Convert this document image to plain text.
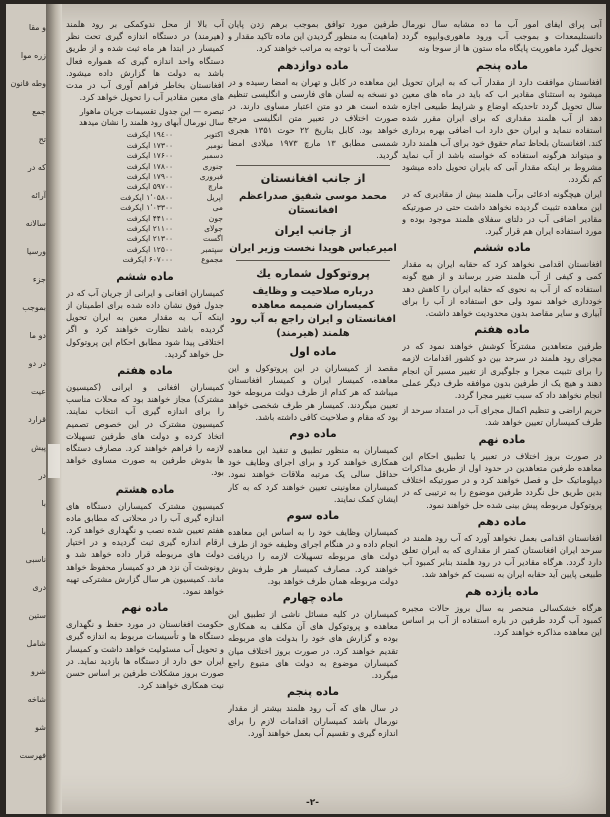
و مقا
زره موا
وطه قانون
جمع
تح
که در
آرائه
سالانه
ورسیا
جزء
بموجب
دو ما
در دو
عیت
قرارد
پیش
در
با
با
ناسبی
دری
ستین
شامل
شرو
شاخه
شو
فهرست

آبی پرای ایفای امور آب ما ده مشابه سال نورمال دانستلیمعدات و بموجب آب ورود ماهوری‌وایپوه‌ گردد تحویل گیرد ماهوریت پایگاه ماه ستون ها از سوجا ونه

ماده پنجم

افغانستان موافقت دارد از مقدار آب که به ایران تحویل میشود به استثنای مقادیر اب که باید در ماه های معین سال تحویل گردد تاحدیکه اوضاع و شرایط طبیعی اجازه دهد از آب هلمند مقداری که برای ایران مقرر شده استفاده ننماید و ایران حق دارد اب اضافی بهره برداری کند. افغانستان بلحاظ تمام حقوق خود برای آب هلمند دارد و میتواند هرگونه استفاده که خواسته باشد از آب نماید مشروط بر اینکه مقدار آبی که بایران تحویل داده میشود کم نگردد.

ایران هیچگونه ادعائی برآب هلمند بیش از مقادیری که در این معاهده تثبیت گردیده نخواهد داشت حتی در صورتیکه مقادیر اضافی آب در دلتای سفلای هلمند موجود بوده و مورد استفاده ایران هم قرار گیرد.

ماده ششم

افغانستان اقدامی نخواهد کرد که حقابه ایران به مقدار کمی و کیفی از آب هلمند ضرر برساند و از هیچ گونه استفاده که از آب به نحوی که حقابه ایران را کاهش دهد خودداری خواهد نمود ولی حق استفاده از آب را برای آبیاری و سایر مقاصد بدون محدودیت خواهد داشت.

ماده هفتم

طرفین متعاهدین مشترکاً کوشش خواهند نمود که در مجرای رود هلمند در سرحد بین دو کشور اقدامات لازمه را برای تثبیت مجرا و جلوگیری از تغییر مسیر آن انجام دهند و هیچ یک از طرفین بدون موافقه طرف دیگر عملی انجام نخواهد داد که سبب تغییر مجرا گردد.

حریم اراضی و تنظیم اکمال مجرای آب در امتداد سرحد از طرف کمیساران تعیین خواهد شد.

ماده نهم

در صورت بروز اختلاف در تعبیر یا تطبیق احکام این معاهده طرفین متعاهدین در حدود اول از طریق مذاکرات دیپلوماتیک حل و فصل خواهند کرد و در صورتیکه اختلاف بدین طریق حل نگردد طرفین موضوع را به ترتیبی که در پروتوکول مربوطه پیش بینی شده حل خواهند نمود.

ماده دهم

افغانستان اقدامی بعمل نخواهد آورد که آب رود هلمند در سرحد ایران افغانستان کمتر از مقداری که به ایران تعلق دارد گردد. هرگاه مقادیر آب در رود هلمند بنابر کمبود آب طبیعی پایین آید حقابه ایران به نسبت کم خواهد شد.

ماده یازده هم

هرگاه خشکسالی منحصر به سال بروز حالات مجبره کمبود آب گردد طرفین در باره استفاده از آب بر اساس این معاهده مذاکره خواهند کرد.

طرفین مورد توافق بموجب برهم زدن پایان (ماهیت) به منظور گردیدن این ماده تاکید مقدار و سلامت آب با توجه به مراتب خواهند کرد.

ماده دوازدهم

این معاهده در کابل و تهران به امضا رسیده و در دو نسخه به لسان های فارسی و انگلیسی تنظیم شده است هر دو متن اعتبار مساوی دارند. در صورت اختلاف در تعبیر متن انگلیسی مرجع خواهد بود. کابل بتاریخ ۲۲ حوت ۱۳۵۱ هجری شمسی مطابق ۱۳ مارچ ۱۹۷۳ میلادی امضا گردید.

از جانب افغانستان
محمد موسی شفیق صدراعظم افغانستان
از جانب ایران
امیرعباس هویدا نخست وزیر ایران
پروتوکول شماره یك
درباره صلاحیت و وظایف کمیساران ضمیمه معاهده افغانستان و ایران راجع به آب رود هلمند (هیرمند)
ماده اول

مقصد از کمیساران در این پروتوکول و این معاهده، کمیسار ایران و کمیسار افغانستان میباشد که هر کدام از طرف دولت مربوطه خود تعیین میگردند. کمیسار هر طرف شخصی خواهد بود که مقام و صلاحیت کافی داشته باشد.

ماده دوم

کمیساران به منظور تطبیق و تنفیذ این معاهده همکاری خواهند کرد و برای اجرای وظایف خود حداقل سالی یک مرتبه ملاقات خواهند نمود. کمیساران معاونینی تعیین خواهند کرد که به کار ایشان کمک نمایند.

ماده سوم

کمیساران وظایف خود را به اساس این معاهده انجام داده و در هنگام اجرای وظیفه خود از طرف دولت های مربوطه تسهیلات لازمه را دریافت خواهند کرد. مصارف کمیسار هر طرف بدوش دولت مربوطه همان طرف خواهد بود.

ماده چهارم

کمیساران در کلیه مسائل ناشی از تطبیق این معاهده و پروتوکول های آن مکلف به همکاری بوده و گزارش های خود را بدولت های مربوطه تقدیم خواهند کرد. در صورت بروز اختلاف میان کمیساران موضوع به دولت های متبوع راجع میگردد.

ماده پنجم

در سال های که آب رود هلمند بیشتر از مقدار نورمال باشد کمیساران اقدامات لازم را برای اندازه گیری و تقسیم آب بعمل خواهند آورد.

آب بالا از محل ندوکمکی بر رود هلمند (هیرمند) در دستگاه اندازه گیری تحت نظر کمیسار در ابتدا هر ماه ثبت شده و از طریق دستگاه واحد اندازه گیری که همواره فعال باشد به دولت ها گزارش داده میشود. افغانستان بخاطر فراهم آوری آب در مدت های معین مقادیر آب را تحویل خواهد کرد.

تبصره — این جدول تقسیمات جریان ماهوار سال نورمال آبهای رود هلمند را نشان میدهد
اکتوبر	۱۹٤٠٠ ایکرفت
نومبر	۱۷۳۰٠ ایکرفت
دسمبر	۱۷۶۰٠ ایکرفت
جنوری	۱۷۸۰٠ ایکرفت
فبروری	۱۷۹۰٠ ایکرفت
مارچ	۵۹۷۰٠ ایکرفت
اپریل	۱٬۰۵۸۰٠ ایکرفت
می	۱٬۰۳۳٠٠ ایکرفت
جون	۴۴۱۰٠ ایکرفت
جولای	۲۱۱۰٠ ایکرفت
اگست	۲۱۳۰٠ ایکرفت
سپتمبر	۱۲۵۰٠ ایکرفت
مجموع	۶۰۷۰٠٠ ایکرفت
ماده ششم

کمیساران افغانی و ایرانی از جریان آب که در جدول فوق نشان داده شده برای اطمینان از اینکه آب به مقدار معین به ایران تحویل گردیده باشد نظارت خواهند کرد و اگر اختلافی پیدا شود مطابق احکام این پروتوکول حل خواهد گردید.

ماده هفتم

کمیساران افغانی و ایرانی (کمیسیون مشترک) مجاز خواهند بود که محلات مناسب را برای اندازه گیری آب انتخاب نمایند. کمیسیون مشترک در این خصوص تصمیم اتخاذ کرده و دولت های طرفین تسهیلات لازمه را فراهم خواهند کرد. مصارف دستگاه ها بدوش طرفین به صورت مساوی خواهد بود.

ماده هشتم

کمیسیون مشترک کمیساران دستگاه های اندازه گیری آب را در محلاتی که مطابق ماده هفتم تعیین شده نصب و نگهداری خواهد کرد. ارقام اندازه گیری ثبت گردیده و در اختیار دولت های مربوطه قرار داده خواهد شد و رونوشت آن نزد هر دو کمیسار محفوظ خواهد ماند. کمیسیون هر سال گزارش مشترکی تهیه خواهد نمود.

ماده نهم

حکومت افغانستان در مورد حفظ و نگهداری دستگاه ها و تأسیسات مربوط به اندازه گیری و تحویل آب مسئولیت خواهد داشت و کمیسار ایران حق دارد از دستگاه ها بازدید نماید. در صورت بروز مشکلات طرفین بر اساس حسن نیت همکاری خواهند کرد.

-۲-
